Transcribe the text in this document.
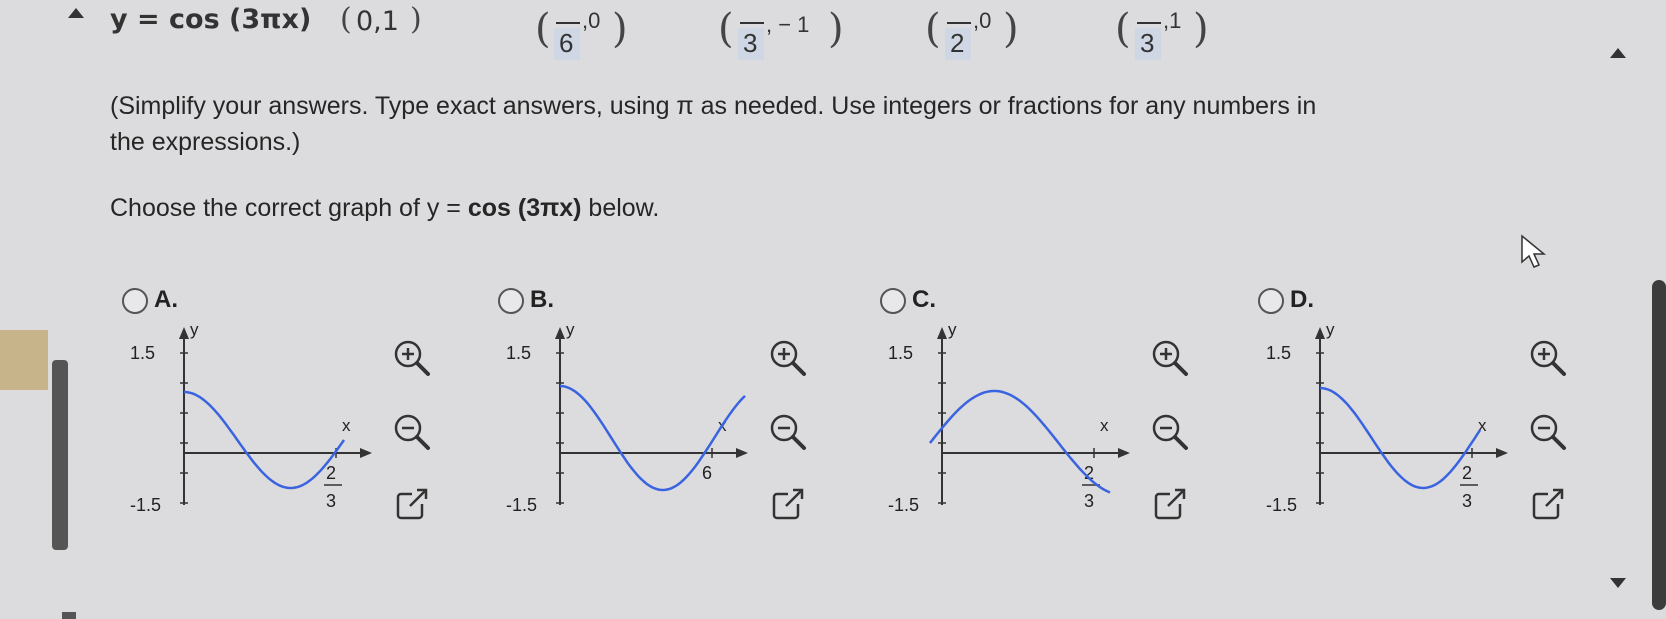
y = cos (3πx) ( 0,1 )	( 6
,0 ) ( 3
, − 1 ) ( 2
,0 ) ( 3
,1 )
(Simplify your answers. Type exact answers, using π as needed. Use integers or fractions for any numbers in
the expressions.)
Choose the correct graph of y = cos (3πx) below.
A.
y
x
1.5
-1.5
2
3
B.
y
x
1.5
-1.5
6
C.
y
x
1.5
-1.5
2
3
D.
y
x
1.5
-1.5
2
3
